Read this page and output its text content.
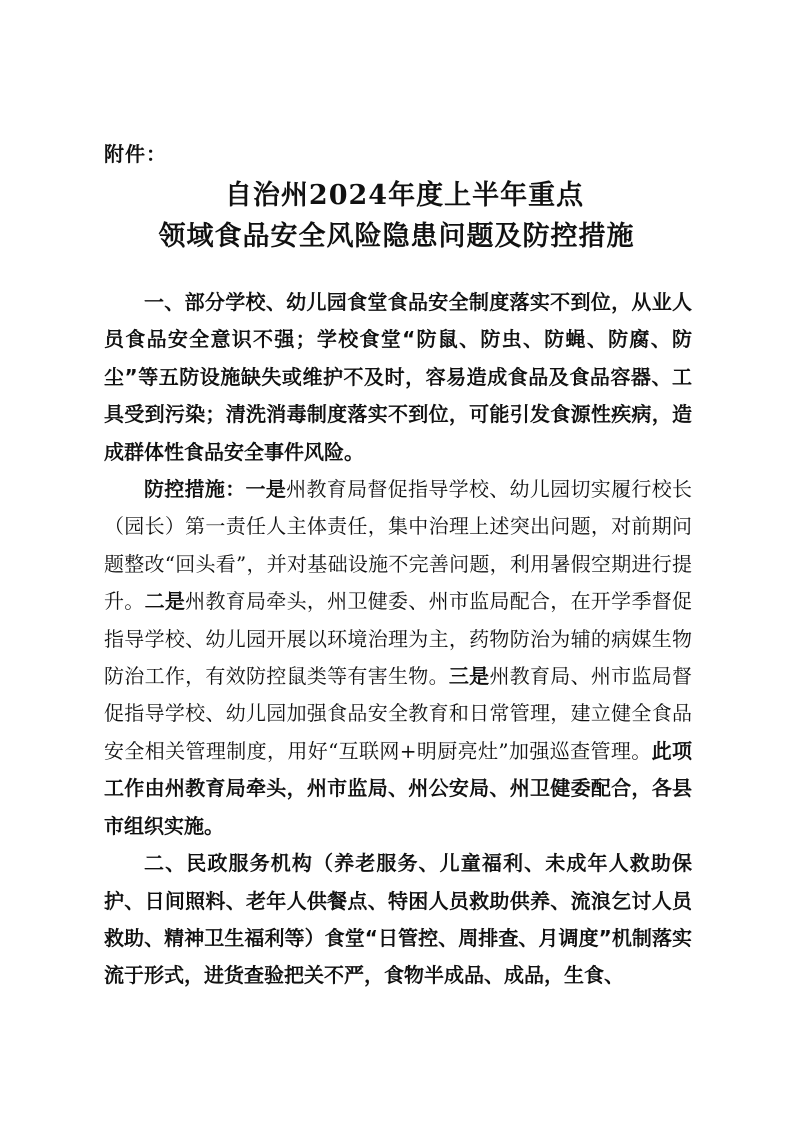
附件：
自治州2024年度上半年重点
领域食品安全风险隐患问题及防控措施

一、部分学校、幼儿园食堂食品安全制度落实不到位，从业人员食品安全意识不强；学校食堂“防鼠、防虫、防蝇、防腐、防尘”等五防设施缺失或维护不及时，容易造成食品及食品容器、工具受到污染；清洗消毒制度落实不到位，可能引发食源性疾病，造成群体性食品安全事件风险。

防控措施：一是州教育局督促指导学校、幼儿园切实履行校长（园长）第一责任人主体责任，集中治理上述突出问题，对前期问题整改“回头看”，并对基础设施不完善问题，利用暑假空期进行提升。二是州教育局牵头，州卫健委、州市监局配合，在开学季督促指导学校、幼儿园开展以环境治理为主，药物防治为辅的病媒生物防治工作，有效防控鼠类等有害生物。三是州教育局、州市监局督促指导学校、幼儿园加强食品安全教育和日常管理，建立健全食品安全相关管理制度，用好“互联网+明厨亮灶”加强巡查管理。此项工作由州教育局牵头，州市监局、州公安局、州卫健委配合，各县市组织实施。

二、民政服务机构（养老服务、儿童福利、未成年人救助保护、日间照料、老年人供餐点、特困人员救助供养、流浪乞讨人员救助、精神卫生福利等）食堂“日管控、周排查、月调度”机制落实流于形式，进货查验把关不严，食物半成品、成品，生食、
